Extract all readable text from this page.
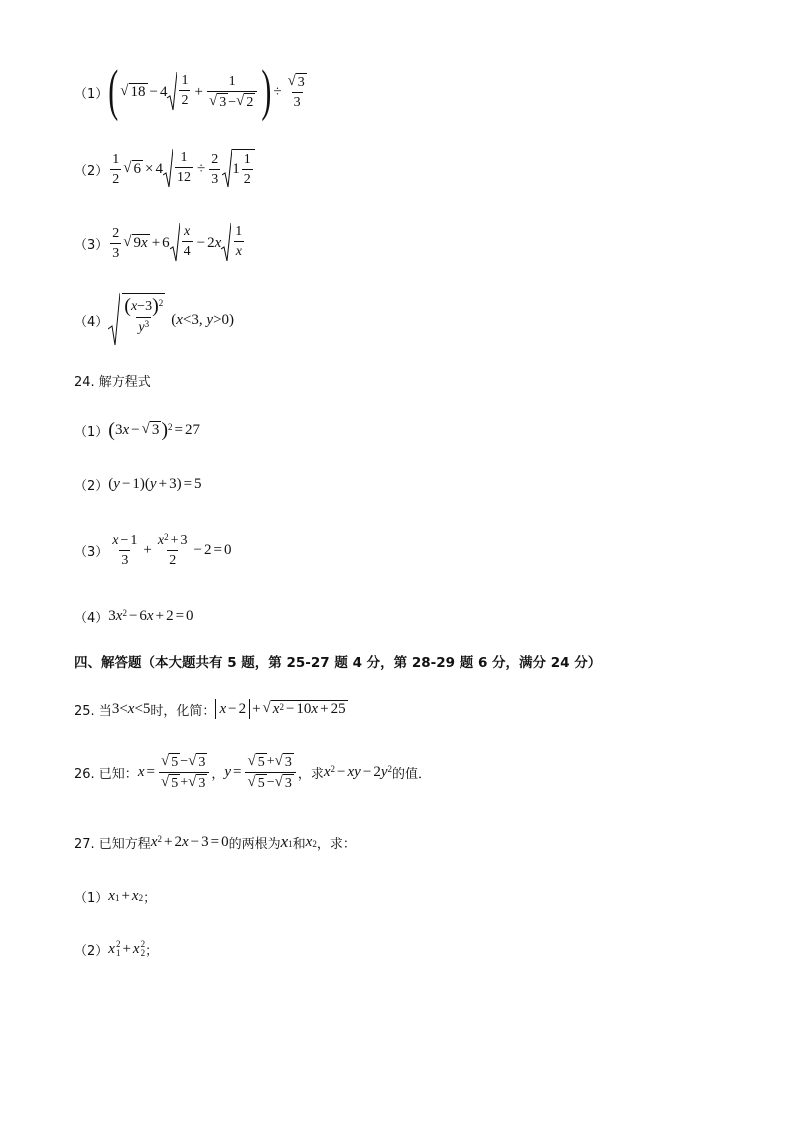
（1） ( √ 18 − 4
1
2
+ $\frac{1}{√ 3 - √ 2}$ ) ÷ $\frac{√ 3}{3}$
（2）
1
2
√ 6 × 4
1
12
÷ $\frac{2}{3} 1$
1
2
（3）
2
3
√ 9 x + 6
x
4
− 2 x
1
x
（4）
( x −3 ) 2
y 3 (x<3, y>0)
24. 解方程式
（1） ( 3 x − √ 3 ) 2 = 27
（2） ( y − 1)( y + 3) = 5
（3）
x − 1
3
+ $\frac{x 2 + 3}{2} - 2 = 0$
（4） 3 x 2 − 6 x + 2 = 0
四、解答题（本大题共有 5 题，第 25-27 题 4 分，第 28-29 题 6 分，满分 24 分）
25. 当 3< x <5 时，化简： x − 2 + √ x 2 − 10 x + 25
26. 已知： $x = \frac{√ 5 - √ 3}{√ 5 + √ 3}$ ， $y = \frac{√ 5 + √ 3}{√ 5 - √ 3}$ ，求 x 2 − xy − 2 y 2 的值．
27. 已知方程 x 2 + 2 x − 3 = 0 的两根为 x 1 和 x 2 ，求：
（1） x 1 + x 2 ；
（2） x 2
1 + x 2
2 ；
